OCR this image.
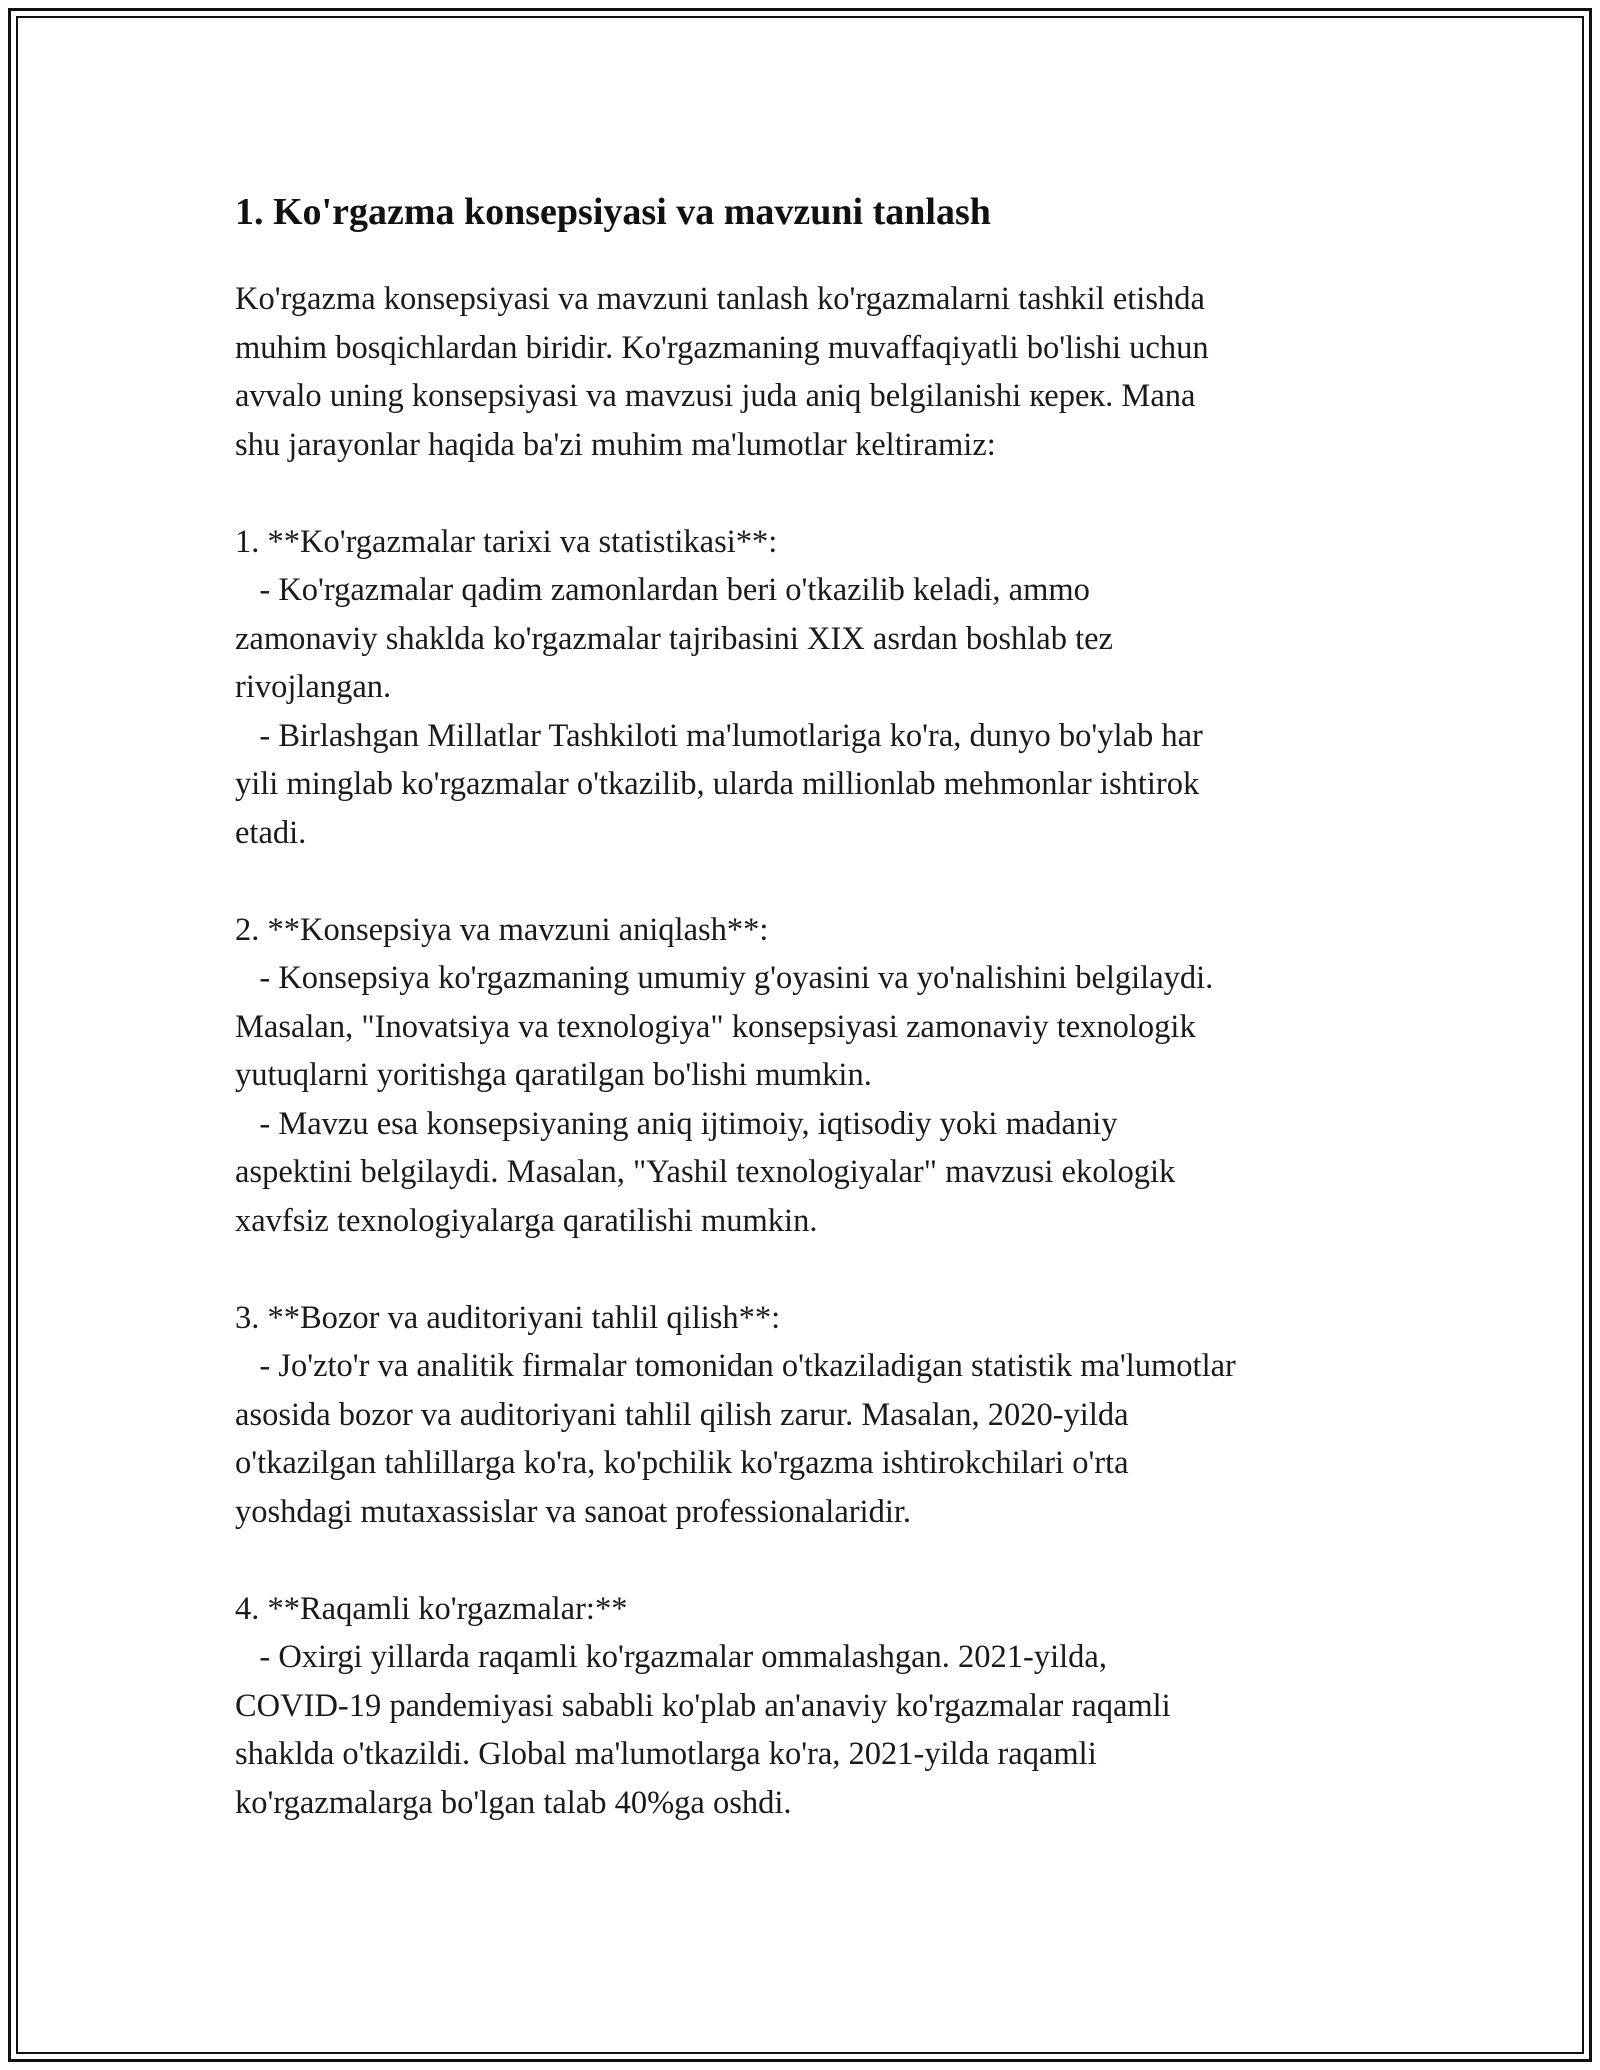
1. Ko'rgazma konsepsiyasi va mavzuni tanlash

Ko'rgazma konsepsiyasi va mavzuni tanlash ko'rgazmalarni tashkil etishda
muhim bosqichlardan biridir. Ko'rgazmaning muvaffaqiyatli bo'lishi uchun
avvalo uning konsepsiyasi va mavzusi juda aniq belgilanishi керек. Mana
shu jarayonlar haqida ba'zi muhim ma'lumotlar keltiramiz:

1. **Ko'rgazmalar tarixi va statistikasi**:
- Ko'rgazmalar qadim zamonlardan beri o'tkazilib keladi, ammo
zamonaviy shaklda ko'rgazmalar tajribasini XIX asrdan boshlab tez
rivojlangan.
- Birlashgan Millatlar Tashkiloti ma'lumotlariga ko'ra, dunyo bo'ylab har
yili minglab ko'rgazmalar o'tkazilib, ularda millionlab mehmonlar ishtirok
etadi.

2. **Konsepsiya va mavzuni aniqlash**:
- Konsepsiya ko'rgazmaning umumiy g'oyasini va yo'nalishini belgilaydi.
Masalan, "Inovatsiya va texnologiya" konsepsiyasi zamonaviy texnologik
yutuqlarni yoritishga qaratilgan bo'lishi mumkin.
- Mavzu esa konsepsiyaning aniq ijtimoiy, iqtisodiy yoki madaniy
aspektini belgilaydi. Masalan, "Yashil texnologiyalar" mavzusi ekologik
xavfsiz texnologiyalarga qaratilishi mumkin.

3. **Bozor va auditoriyani tahlil qilish**:
- Jo'zto'r va analitik firmalar tomonidan o'tkaziladigan statistik ma'lumotlar
asosida bozor va auditoriyani tahlil qilish zarur. Masalan, 2020-yilda
o'tkazilgan tahlillarga ko'ra, ko'pchilik ko'rgazma ishtirokchilari o'rta
yoshdagi mutaxassislar va sanoat professionalaridir.

4. **Raqamli ko'rgazmalar:**
- Oxirgi yillarda raqamli ko'rgazmalar ommalashgan. 2021-yilda,
COVID-19 pandemiyasi sababli ko'plab an'anaviy ko'rgazmalar raqamli
shaklda o'tkazildi. Global ma'lumotlarga ko'ra, 2021-yilda raqamli
ko'rgazmalarga bo'lgan talab 40%ga oshdi.
